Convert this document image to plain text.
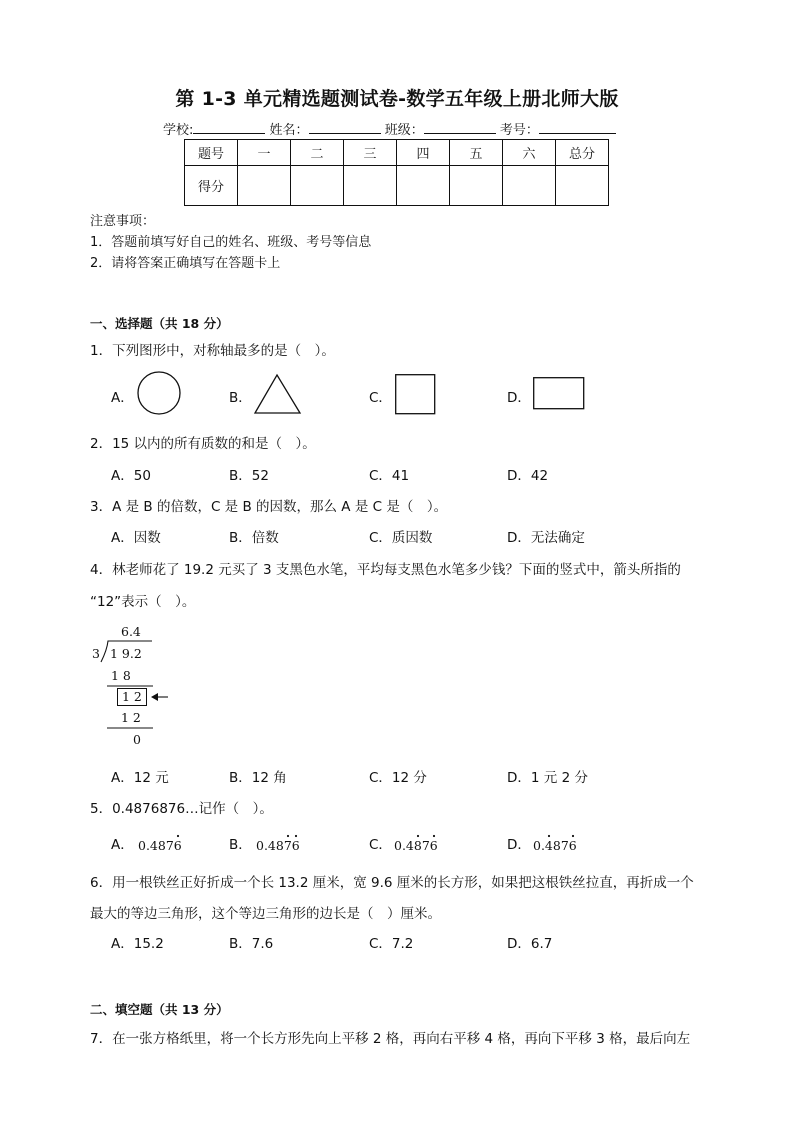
第 1-3 单元精选题测试卷-数学五年级上册北师大版
学校:	姓名：	班级：	考号：
题号	一	二	三	四	五	六	总分
得分							
注意事项：
1．答题前填写好自己的姓名、班级、考号等信息
2．请将答案正确填写在答题卡上
一、选择题（共 18 分）
1．下列图形中，对称轴最多的是（　）。
A．	B．	C．	D．
2．15 以内的所有质数的和是（　）。
A．50	B．52	C．41	D．42
3．A 是 B 的倍数，C 是 B 的因数，那么 A 是 C 是（　）。
A．因数	B．倍数	C．质因数	D．无法确定
4．林老师花了 19.2 元买了 3 支黑色水笔，平均每支黑色水笔多少钱？下面的竖式中，箭头所指的
“12”表示（　）。
6.4
3 1 9.2
1 8
1 2
1 2
0
A．12 元	B．12 角	C．12 分	D．1 元 2 分
5．0.4876876…记作（　）。
A． 0.4876	B． 0.4876	C． 0.4876	D． 0.4876
6．用一根铁丝正好折成一个长 13.2 厘米，宽 9.6 厘米的长方形，如果把这根铁丝拉直，再折成一个
最大的等边三角形，这个等边三角形的边长是（　）厘米。
A．15.2	B．7.6	C．7.2	D．6.7
二、填空题（共 13 分）
7．在一张方格纸里，将一个长方形先向上平移 2 格，再向右平移 4 格，再向下平移 3 格，最后向左
